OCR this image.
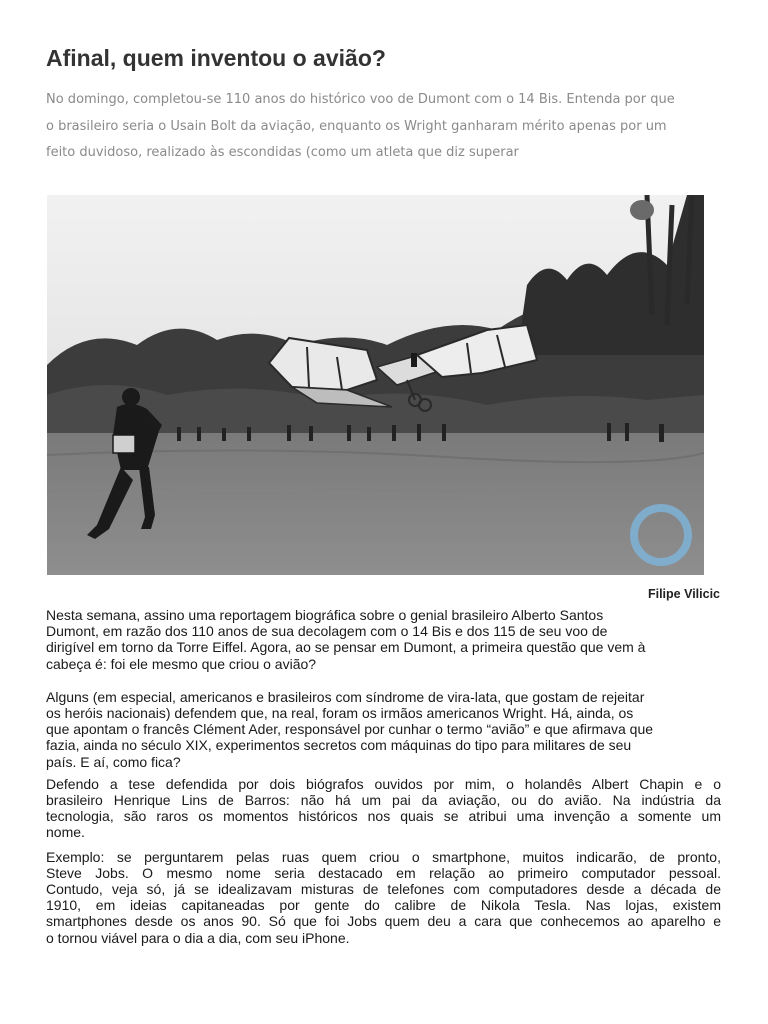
Afinal, quem inventou o avião?
No domingo, completou-se 110 anos do histórico voo de Dumont com o 14 Bis. Entenda por que
o brasileiro seria o Usain Bolt da aviação, enquanto os Wright ganharam mérito apenas por um
feito duvidoso, realizado às escondidas (como um atleta que diz superar
Filipe Vilicic

Nesta semana, assino uma reportagem biográfica sobre o genial brasileiro Alberto Santos
Dumont, em razão dos 110 anos de sua decolagem com o 14 Bis e dos 115 de seu voo de
dirigível em torno da Torre Eiffel. Agora, ao se pensar em Dumont, a primeira questão que vem à
cabeça é: foi ele mesmo que criou o avião?

Alguns (em especial, americanos e brasileiros com síndrome de vira-lata, que gostam de rejeitar
os heróis nacionais) defendem que, na real, foram os irmãos americanos Wright. Há, ainda, os
que apontam o francês Clément Ader, responsável por cunhar o termo “avião” e que afirmava que
fazia, ainda no século XIX, experimentos secretos com máquinas do tipo para militares de seu
país. E aí, como fica?

Defendo a tese defendida por dois biógrafos ouvidos por mim, o holandês Albert Chapin e o
brasileiro Henrique Lins de Barros: não há um pai da aviação, ou do avião. Na indústria da
tecnologia, são raros os momentos históricos nos quais se atribui uma invenção a somente um
nome.

Exemplo: se perguntarem pelas ruas quem criou o smartphone, muitos indicarão, de pronto,
Steve Jobs. O mesmo nome seria destacado em relação ao primeiro computador pessoal.
Contudo, veja só, já se idealizavam misturas de telefones com computadores desde a década de
1910, em ideias capitaneadas por gente do calibre de Nikola Tesla. Nas lojas, existem
smartphones desde os anos 90. Só que foi Jobs quem deu a cara que conhecemos ao aparelho e
o tornou viável para o dia a dia, com seu iPhone.
